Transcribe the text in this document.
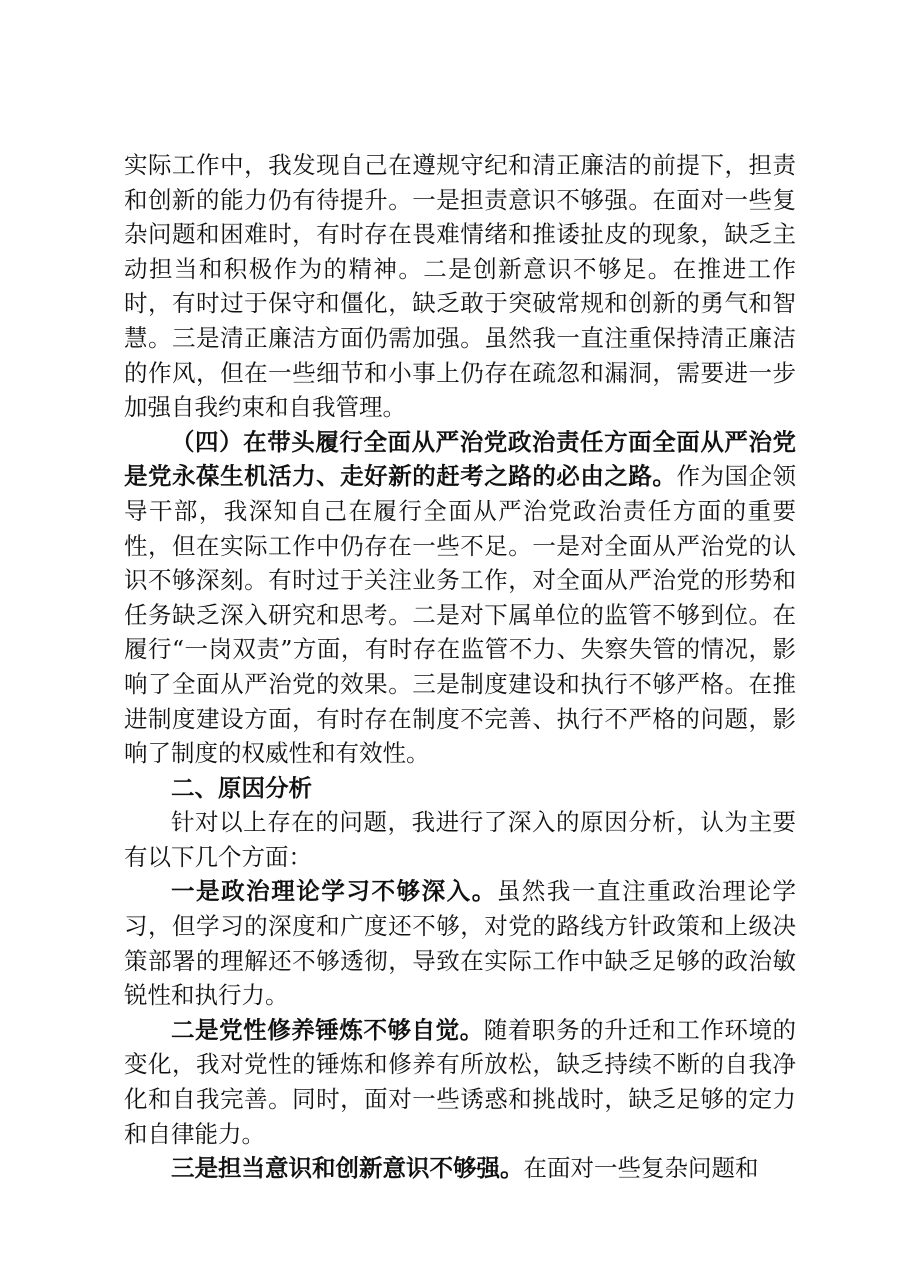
实际工作中，我发现自己在遵规守纪和清正廉洁的前提下，担责和创新的能力仍有待提升。一是担责意识不够强。在面对一些复杂问题和困难时，有时存在畏难情绪和推诿扯皮的现象，缺乏主动担当和积极作为的精神。二是创新意识不够足。在推进工作时，有时过于保守和僵化，缺乏敢于突破常规和创新的勇气和智慧。三是清正廉洁方面仍需加强。虽然我一直注重保持清正廉洁的作风，但在一些细节和小事上仍存在疏忽和漏洞，需要进一步加强自我约束和自我管理。

（四）在带头履行全面从严治党政治责任方面全面从严治党是党永葆生机活力、走好新的赶考之路的必由之路。作为国企领导干部，我深知自己在履行全面从严治党政治责任方面的重要性，但在实际工作中仍存在一些不足。一是对全面从严治党的认识不够深刻。有时过于关注业务工作，对全面从严治党的形势和任务缺乏深入研究和思考。二是对下属单位的监管不够到位。在履行“一岗双责”方面，有时存在监管不力、失察失管的情况，影响了全面从严治党的效果。三是制度建设和执行不够严格。在推进制度建设方面，有时存在制度不完善、执行不严格的问题，影响了制度的权威性和有效性。

二、原因分析

针对以上存在的问题，我进行了深入的原因分析，认为主要有以下几个方面：

一是政治理论学习不够深入。虽然我一直注重政治理论学习，但学习的深度和广度还不够，对党的路线方针政策和上级决策部署的理解还不够透彻，导致在实际工作中缺乏足够的政治敏锐性和执行力。

二是党性修养锤炼不够自觉。随着职务的升迁和工作环境的变化，我对党性的锤炼和修养有所放松，缺乏持续不断的自我净化和自我完善。同时，面对一些诱惑和挑战时，缺乏足够的定力和自律能力。

三是担当意识和创新意识不够强。在面对一些复杂问题和
